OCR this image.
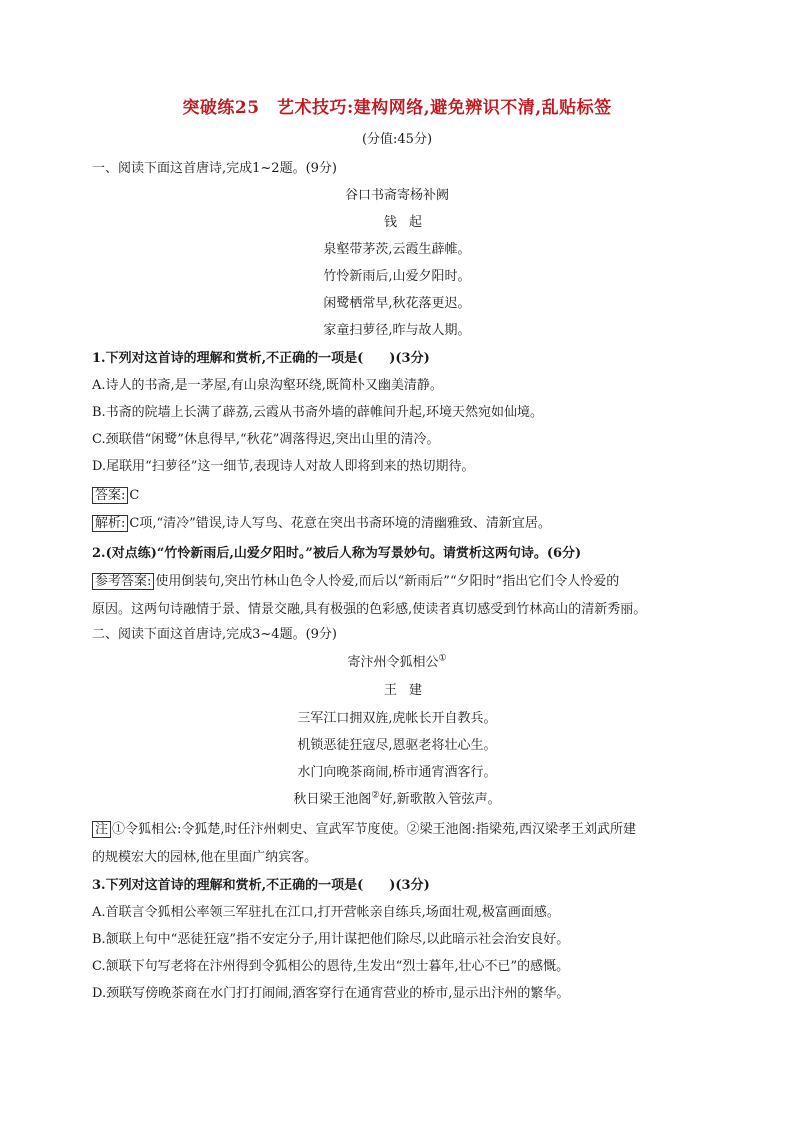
突破练25　艺术技巧:建构网络,避免辨识不清,乱贴标签
(分值:45分)
一、阅读下面这首唐诗,完成1~2题。(9分)
谷口书斋寄杨补阙
钱起
泉壑带茅茨,云霞生薜帷。
竹怜新雨后,山爱夕阳时。
闲鹭栖常早,秋花落更迟。
家童扫萝径,昨与故人期。
1.下列对这首诗的理解和赏析,不正确的一项是(　　)(3分)
A.诗人的书斋,是一茅屋,有山泉沟壑环绕,既简朴又幽美清静。
B.书斋的院墙上长满了薜荔,云霞从书斋外墙的薜帷间升起,环境天然宛如仙境。
C.颈联借“闲鹭”休息得早,“秋花”凋落得迟,突出山里的清冷。
D.尾联用“扫萝径”这一细节,表现诗人对故人即将到来的热切期待。
答案: C
解析: C项,“清冷”错误,诗人写鸟、花意在突出书斋环境的清幽雅致、清新宜居。
2.(对点练)“竹怜新雨后,山爱夕阳时。”被后人称为写景妙句。请赏析这两句诗。(6分)
参考答案: 使用倒装句,突出竹林山色令人怜爱,而后以“新雨后”“夕阳时”指出它们令人怜爱的
原因。这两句诗融情于景、情景交融,具有极强的色彩感,使读者真切感受到竹林高山的清新秀丽。
二、阅读下面这首唐诗,完成3~4题。(9分)
寄汴州令狐相公①
王建
三军江口拥双旌,虎帐长开自教兵。
机锁恶徒狂寇尽,恩驱老将壮心生。
水门向晚茶商闹,桥市通宵酒客行。
秋日梁王池阁②好,新歌散入管弦声。
注 ①令狐相公:令狐楚,时任汴州刺史、宣武军节度使。②梁王池阁:指梁苑,西汉梁孝王刘武所建
的规模宏大的园林,他在里面广纳宾客。
3.下列对这首诗的理解和赏析,不正确的一项是(　　)(3分)
A.首联言令狐相公率领三军驻扎在江口,打开营帐亲自练兵,场面壮观,极富画面感。
B.颔联上句中“恶徒狂寇”指不安定分子,用计谋把他们除尽,以此暗示社会治安良好。
C.颔联下句写老将在汴州得到令狐相公的恩待,生发出“烈士暮年,壮心不已”的感慨。
D.颈联写傍晚茶商在水门打打闹闹,酒客穿行在通宵营业的桥市,显示出汴州的繁华。
